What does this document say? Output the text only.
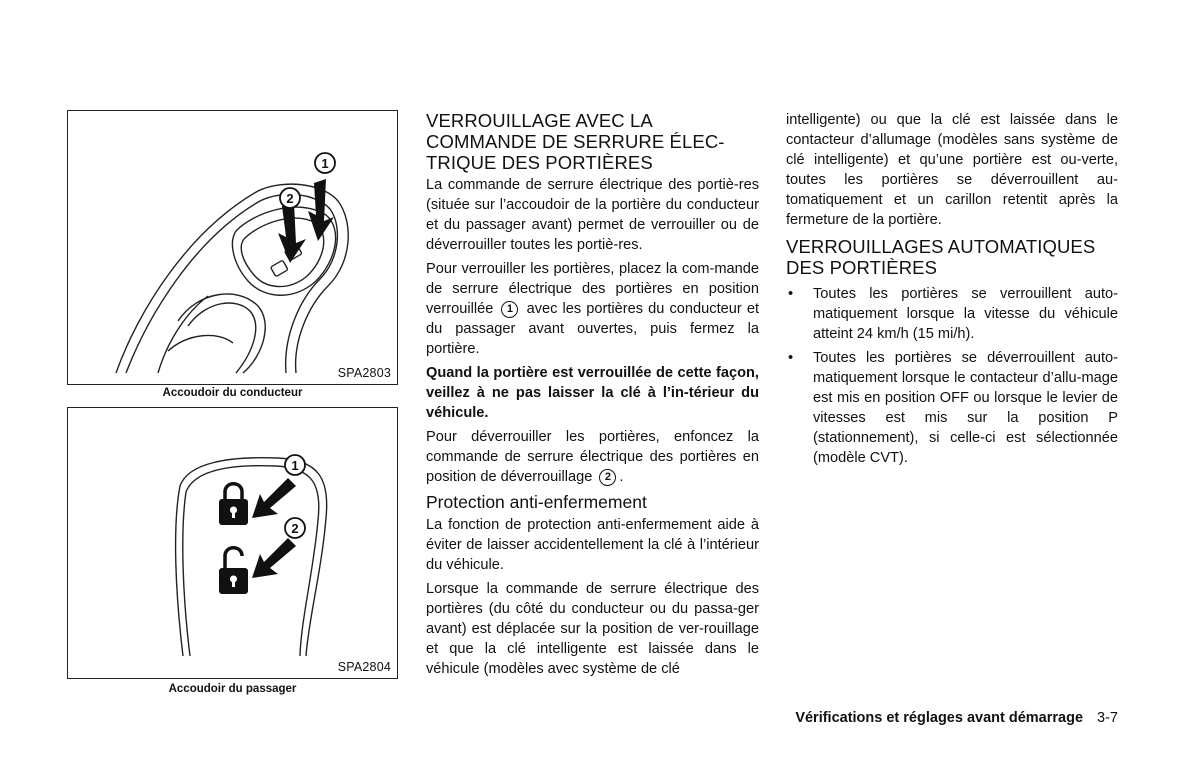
1
2
SPA2803
Accoudoir du conducteur
1
2
SPA2804
Accoudoir du passager
VERROUILLAGE AVEC LA
COMMANDE DE SERRURE ÉLEC-
TRIQUE DES PORTIÈRES

La commande de serrure électrique des portiè-res (située sur l’accoudoir de la portière du conducteur et du passager avant) permet de verrouiller ou de déverrouiller toutes les portiè-res.

Pour verrouiller les portières, placez la com-mande de serrure électrique des portières en position verrouillée 1 avec les portières du conducteur et du passager avant ouvertes, puis fermez la portière.

Quand la portière est verrouillée de cette façon, veillez à ne pas laisser la clé à l’in-térieur du véhicule.

Pour déverrouiller les portières, enfoncez la commande de serrure électrique des portières en position de déverrouillage 2 .

Protection anti-enfermement

La fonction de protection anti-enfermement aide à éviter de laisser accidentellement la clé à l’intérieur du véhicule.

Lorsque la commande de serrure électrique des portières (du côté du conducteur ou du passa-ger avant) est déplacée sur la position de ver-rouillage et que la clé intelligente est laissée dans le véhicule (modèles avec système de clé

intelligente) ou que la clé est laissée dans le contacteur d’allumage (modèles sans système de clé intelligente) et qu’une portière est ou-verte, toutes les portières se déverrouillent au-tomatiquement et un carillon retentit après la fermeture de la portière.

VERROUILLAGES AUTOMATIQUES
DES PORTIÈRES
• Toutes les portières se verrouillent auto-matiquement lorsque la vitesse du véhicule atteint 24 km/h (15 mi/h).
• Toutes les portières se déverrouillent auto-matiquement lorsque le contacteur d’allu-mage est mis en position OFF ou lorsque le levier de vitesses est mis sur la position P (stationnement), si celle-ci est sélectionnée (modèle CVT).
Vérifications et réglages avant démarrage 3-7
